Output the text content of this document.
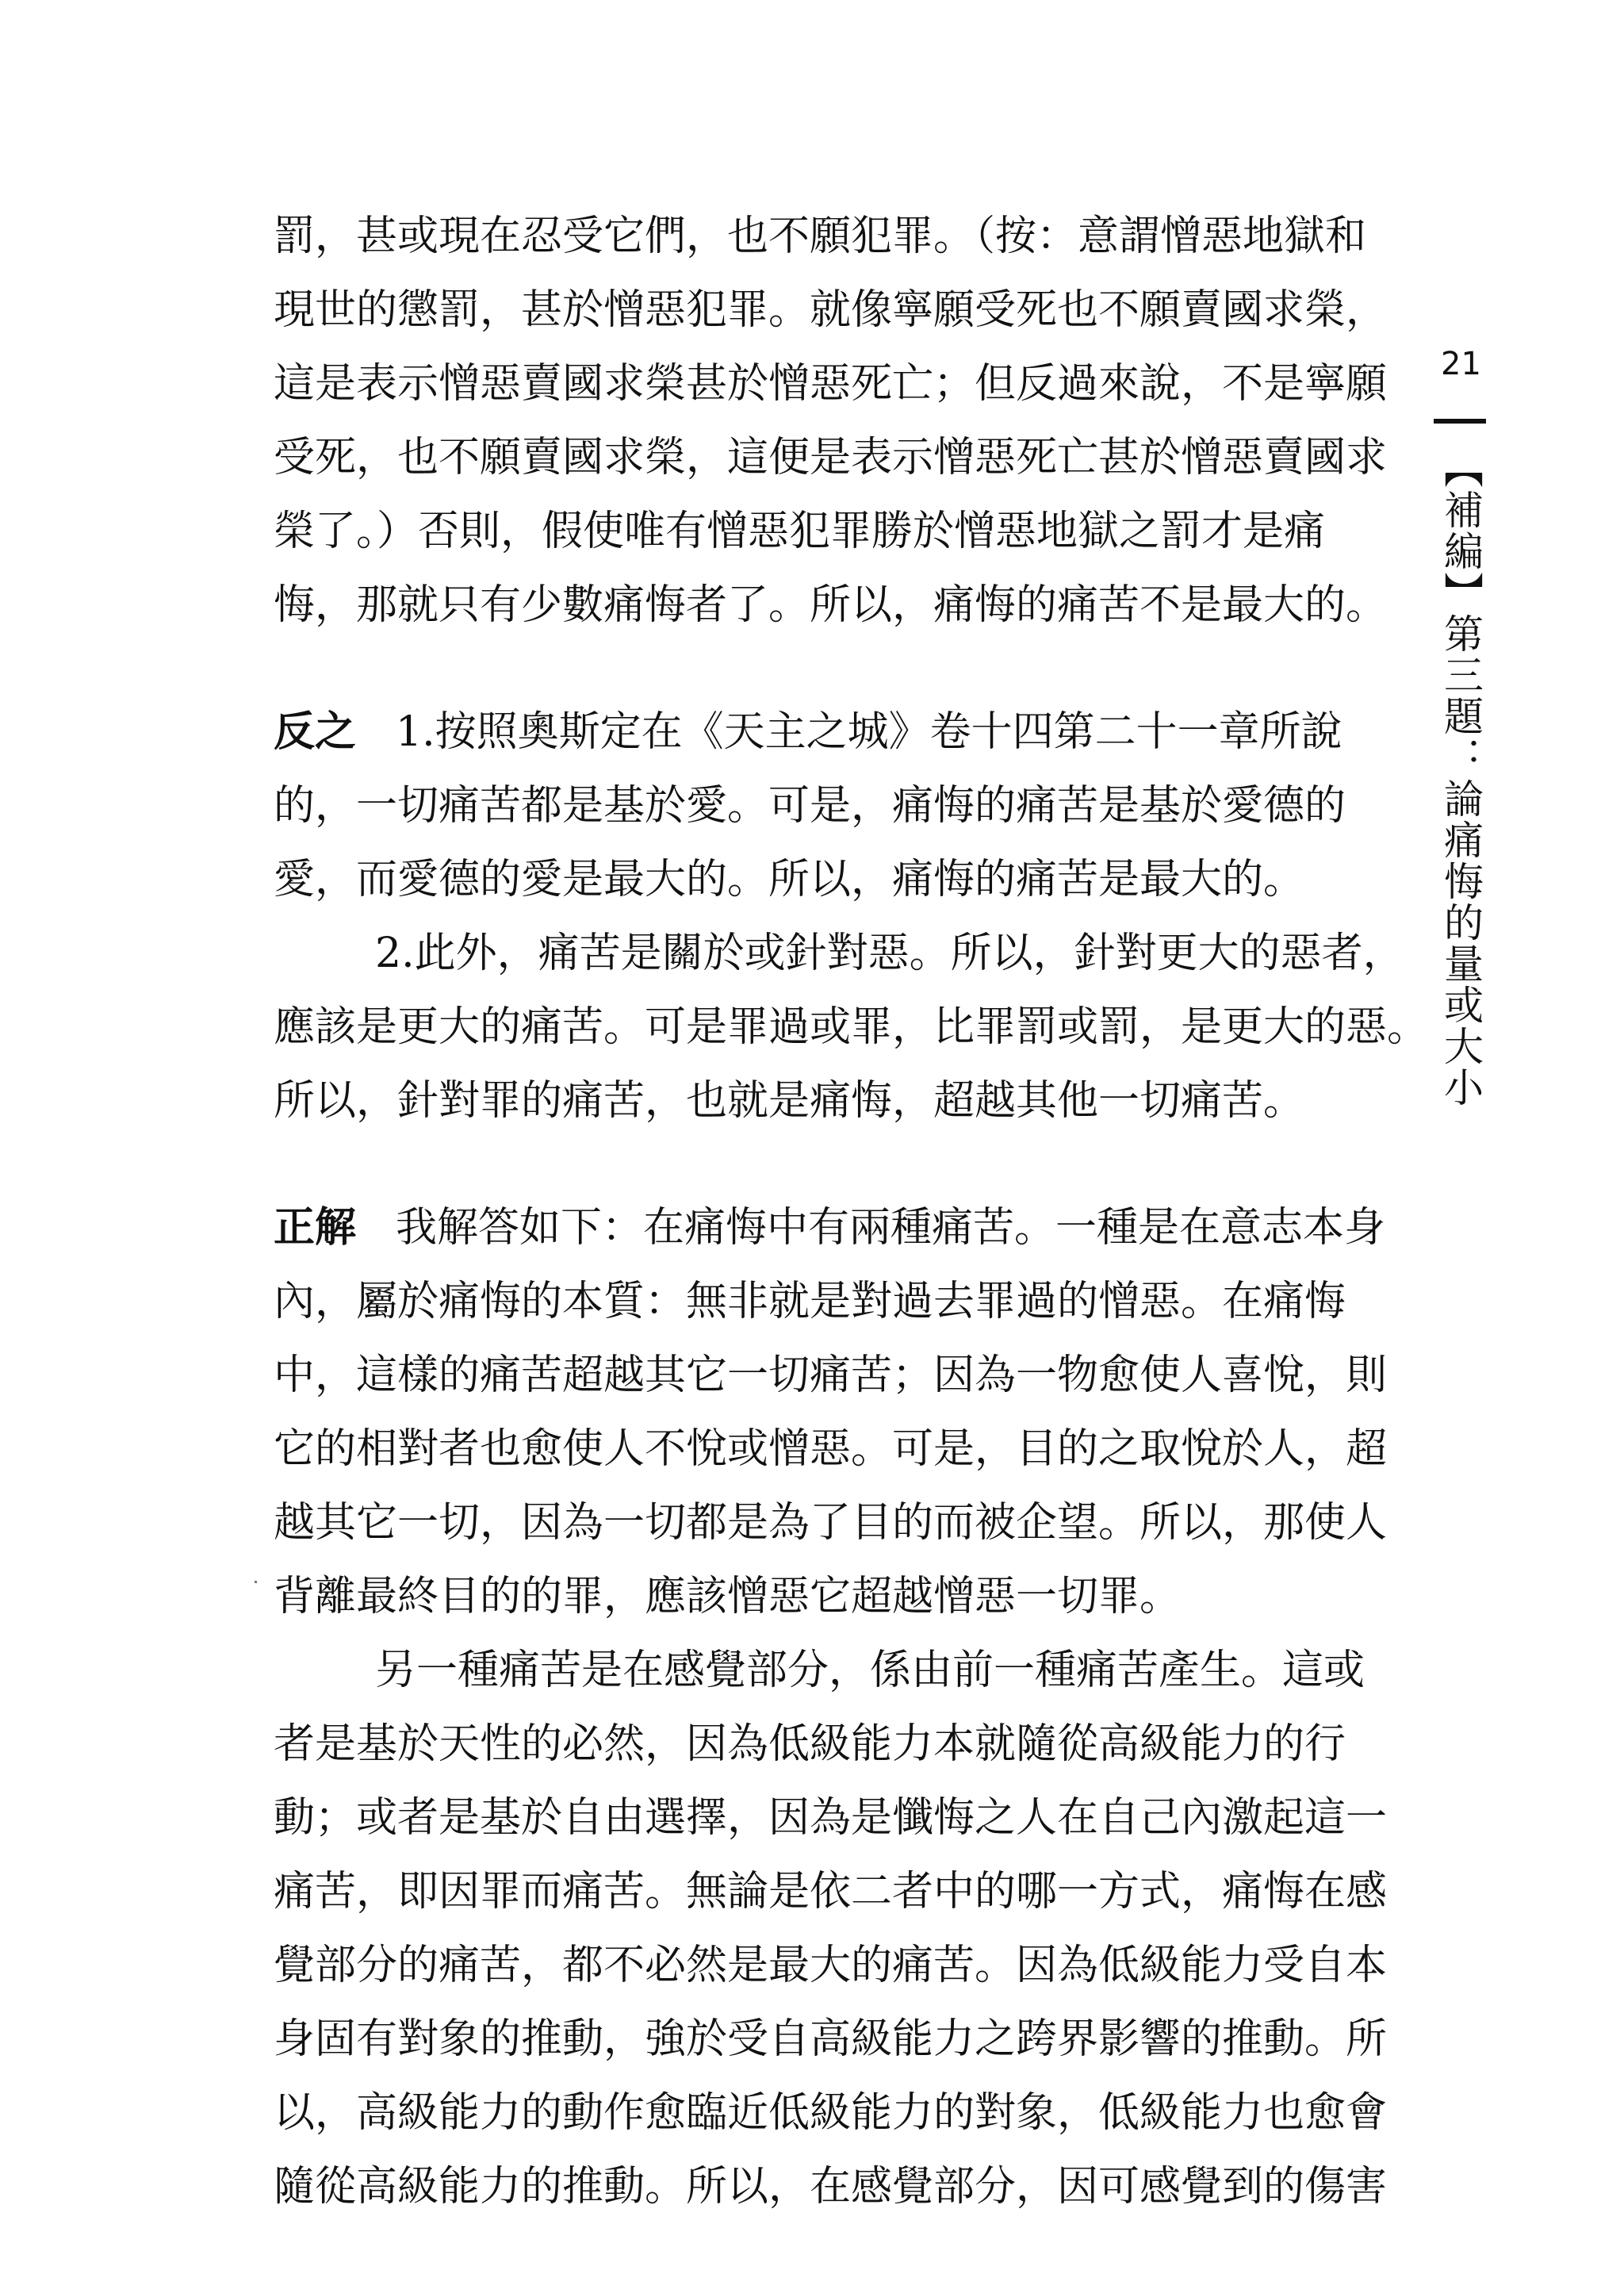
罰，甚或現在忍受它們，也不願犯罪。（按：意謂憎惡地獄和
現世的懲罰，甚於憎惡犯罪。就像寧願受死也不願賣國求榮，
這是表示憎惡賣國求榮甚於憎惡死亡；但反過來說，不是寧願
受死，也不願賣國求榮，這便是表示憎惡死亡甚於憎惡賣國求
榮了。）否則，假使唯有憎惡犯罪勝於憎惡地獄之罰才是痛
悔，那就只有少數痛悔者了。所以，痛悔的痛苦不是最大的。
反之 1.按照奧斯定在《天主之城》卷十四第二十一章所說
的，一切痛苦都是基於愛。可是，痛悔的痛苦是基於愛德的
愛，而愛德的愛是最大的。所以，痛悔的痛苦是最大的。
2.此外，痛苦是關於或針對惡。所以，針對更大的惡者，
應該是更大的痛苦。可是罪過或罪，比罪罰或罰，是更大的惡。
所以，針對罪的痛苦，也就是痛悔，超越其他一切痛苦。
正解 我解答如下：在痛悔中有兩種痛苦。一種是在意志本身
內，屬於痛悔的本質：無非就是對過去罪過的憎惡。在痛悔
中，這樣的痛苦超越其它一切痛苦；因為一物愈使人喜悅，則
它的相對者也愈使人不悅或憎惡。可是，目的之取悅於人，超
越其它一切，因為一切都是為了目的而被企望。所以，那使人
背離最終目的的罪，應該憎惡它超越憎惡一切罪。
另一種痛苦是在感覺部分，係由前一種痛苦產生。這或
者是基於天性的必然，因為低級能力本就隨從高級能力的行
動；或者是基於自由選擇，因為是懺悔之人在自己內激起這一
痛苦，即因罪而痛苦。無論是依二者中的哪一方式，痛悔在感
覺部分的痛苦，都不必然是最大的痛苦。因為低級能力受自本
身固有對象的推動，強於受自高級能力之跨界影響的推動。所
以，高級能力的動作愈臨近低級能力的對象，低級能力也愈會
隨從高級能力的推動。所以，在感覺部分，因可感覺到的傷害
21
【補編】第三題：論痛悔的量或大小
